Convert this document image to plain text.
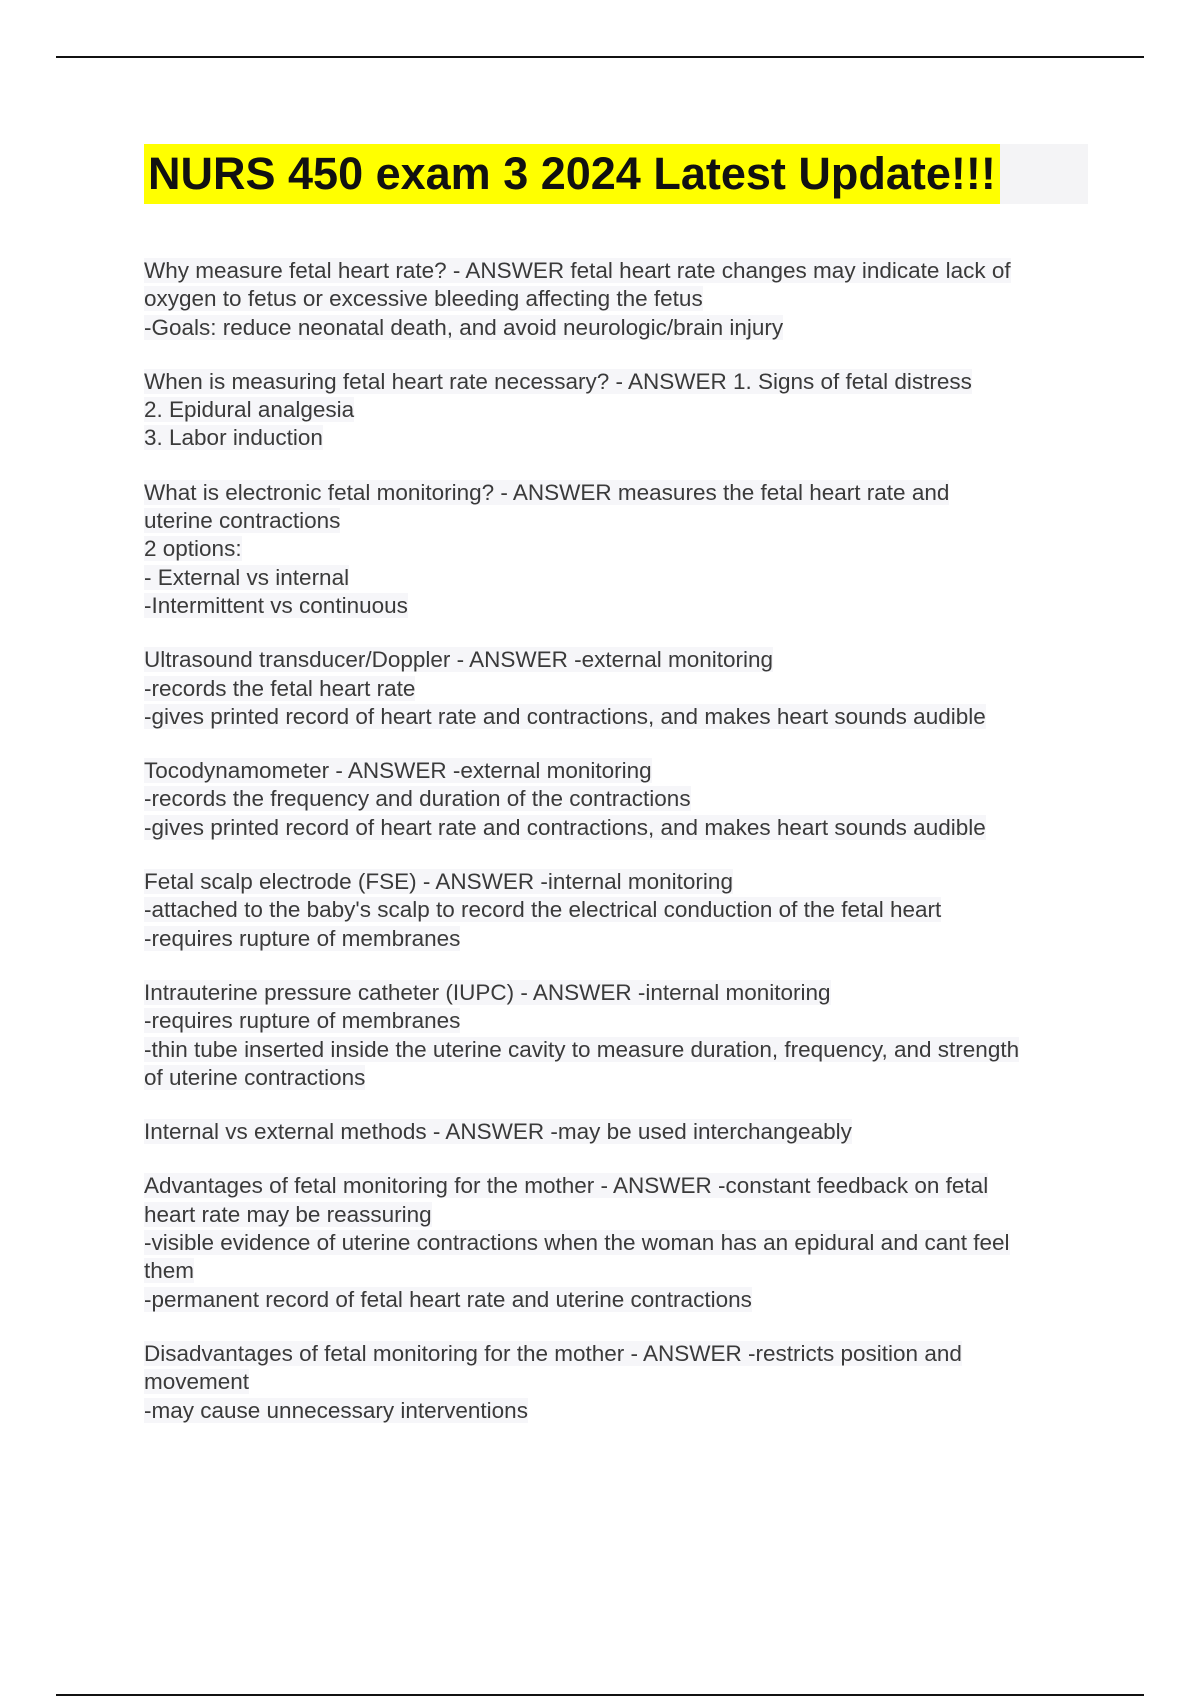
NURS 450 exam 3 2024 Latest Update!!!
Why measure fetal heart rate? - ANSWER fetal heart rate changes may indicate lack of
oxygen to fetus or excessive bleeding affecting the fetus
-Goals: reduce neonatal death, and avoid neurologic/brain injury
When is measuring fetal heart rate necessary? - ANSWER 1. Signs of fetal distress
2. Epidural analgesia
3. Labor induction
What is electronic fetal monitoring? - ANSWER measures the fetal heart rate and
uterine contractions
2 options:
- External vs internal
-Intermittent vs continuous
Ultrasound transducer/Doppler - ANSWER -external monitoring
-records the fetal heart rate
-gives printed record of heart rate and contractions, and makes heart sounds audible
Tocodynamometer - ANSWER -external monitoring
-records the frequency and duration of the contractions
-gives printed record of heart rate and contractions, and makes heart sounds audible
Fetal scalp electrode (FSE) - ANSWER -internal monitoring
-attached to the baby's scalp to record the electrical conduction of the fetal heart
-requires rupture of membranes
Intrauterine pressure catheter (IUPC) - ANSWER -internal monitoring
-requires rupture of membranes
-thin tube inserted inside the uterine cavity to measure duration, frequency, and strength
of uterine contractions
Internal vs external methods - ANSWER -may be used interchangeably
Advantages of fetal monitoring for the mother - ANSWER -constant feedback on fetal
heart rate may be reassuring
-visible evidence of uterine contractions when the woman has an epidural and cant feel
them
-permanent record of fetal heart rate and uterine contractions
Disadvantages of fetal monitoring for the mother - ANSWER -restricts position and
movement
-may cause unnecessary interventions
